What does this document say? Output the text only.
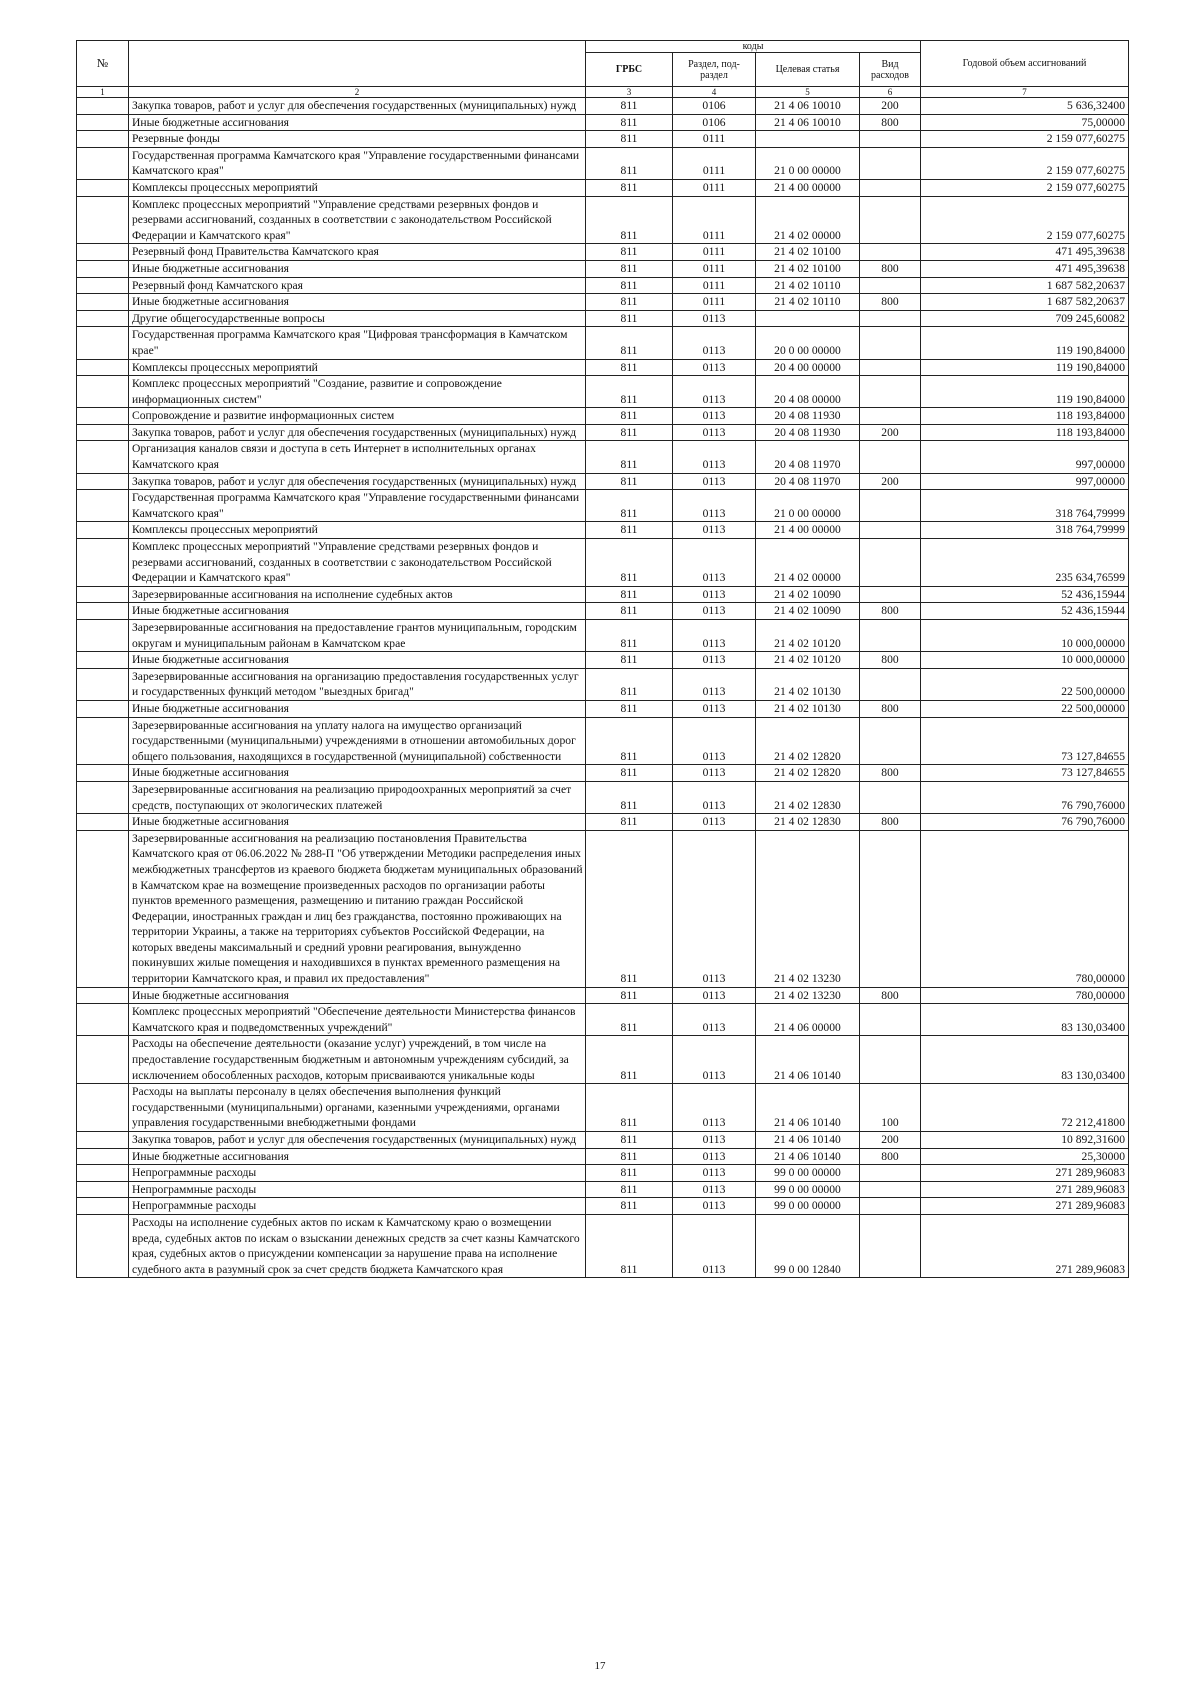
№		коды				Годовой объем ассигнований
		ГРБС	Раздел, под-раздел	Целевая статья	Вид расходов	
1	2	3	4	5	6	7
	Закупка товаров, работ и услуг для обеспечения государственных (муниципальных) нужд	811	0106	21 4 06 10010	200	5 636,32400
	Иные бюджетные ассигнования	811	0106	21 4 06 10010	800	75,00000
	Резервные фонды	811	0111			2 159 077,60275
	Государственная программа Камчатского края "Управление государственными финансами Камчатского края"	811	0111	21 0 00 00000		2 159 077,60275
	Комплексы процессных мероприятий	811	0111	21 4 00 00000		2 159 077,60275
	Комплекс процессных мероприятий "Управление средствами резервных фондов и резервами ассигнований, созданных в соответствии с законодательством Российской Федерации и Камчатского края"	811	0111	21 4 02 00000		2 159 077,60275
	Резервный фонд Правительства Камчатского края	811	0111	21 4 02 10100		471 495,39638
	Иные бюджетные ассигнования	811	0111	21 4 02 10100	800	471 495,39638
	Резервный фонд Камчатского края	811	0111	21 4 02 10110		1 687 582,20637
	Иные бюджетные ассигнования	811	0111	21 4 02 10110	800	1 687 582,20637
	Другие общегосударственные вопросы	811	0113			709 245,60082
	Государственная программа Камчатского края "Цифровая трансформация в Камчатском крае"	811	0113	20 0 00 00000		119 190,84000
	Комплексы процессных мероприятий	811	0113	20 4 00 00000		119 190,84000
	Комплекс процессных мероприятий "Создание, развитие и сопровождение информационных систем"	811	0113	20 4 08 00000		119 190,84000
	Сопровождение и развитие информационных систем	811	0113	20 4 08 11930		118 193,84000
	Закупка товаров, работ и услуг для обеспечения государственных (муниципальных) нужд	811	0113	20 4 08 11930	200	118 193,84000
	Организация каналов связи и доступа в сеть Интернет в исполнительных органах Камчатского края	811	0113	20 4 08 11970		997,00000
	Закупка товаров, работ и услуг для обеспечения государственных (муниципальных) нужд	811	0113	20 4 08 11970	200	997,00000
	Государственная программа Камчатского края "Управление государственными финансами Камчатского края"	811	0113	21 0 00 00000		318 764,79999
	Комплексы процессных мероприятий	811	0113	21 4 00 00000		318 764,79999
	Комплекс процессных мероприятий "Управление средствами резервных фондов и резервами ассигнований, созданных в соответствии с законодательством Российской Федерации и Камчатского края"	811	0113	21 4 02 00000		235 634,76599
	Зарезервированные ассигнования на исполнение судебных актов	811	0113	21 4 02 10090		52 436,15944
	Иные бюджетные ассигнования	811	0113	21 4 02 10090	800	52 436,15944
	Зарезервированные ассигнования на предоставление грантов муниципальным, городским округам и муниципальным районам в Камчатском крае	811	0113	21 4 02 10120		10 000,00000
	Иные бюджетные ассигнования	811	0113	21 4 02 10120	800	10 000,00000
	Зарезервированные ассигнования на организацию предоставления государственных услуг и государственных функций методом "выездных бригад"	811	0113	21 4 02 10130		22 500,00000
	Иные бюджетные ассигнования	811	0113	21 4 02 10130	800	22 500,00000
	Зарезервированные ассигнования на уплату налога на имущество организаций государственными (муниципальными) учреждениями в отношении автомобильных дорог общего пользования, находящихся в государственной (муниципальной) собственности	811	0113	21 4 02 12820		73 127,84655
	Иные бюджетные ассигнования	811	0113	21 4 02 12820	800	73 127,84655
	Зарезервированные ассигнования на реализацию природоохранных мероприятий за счет средств, поступающих от экологических платежей	811	0113	21 4 02 12830		76 790,76000
	Иные бюджетные ассигнования	811	0113	21 4 02 12830	800	76 790,76000
	Зарезервированные ассигнования на реализацию постановления Правительства Камчатского края от 06.06.2022 № 288-П "Об утверждении Методики распределения иных межбюджетных трансфертов из краевого бюджета бюджетам муниципальных образований в Камчатском крае на возмещение произведенных расходов по организации работы пунктов временного размещения, размещению и питанию граждан Российской Федерации, иностранных граждан и лиц без гражданства, постоянно проживающих на территории Украины, а также на территориях субъектов Российской Федерации, на которых введены максимальный и средний уровни реагирования, вынужденно покинувших жилые помещения и находившихся в пунктах временного размещения на территории Камчатского края, и правил их предоставления"	811	0113	21 4 02 13230		780,00000
	Иные бюджетные ассигнования	811	0113	21 4 02 13230	800	780,00000
	Комплекс процессных мероприятий "Обеспечение деятельности Министерства финансов Камчатского края и подведомственных учреждений"	811	0113	21 4 06 00000		83 130,03400
	Расходы на обеспечение деятельности (оказание услуг) учреждений, в том числе на предоставление государственным бюджетным и автономным учреждениям субсидий, за исключением обособленных расходов, которым присваиваются уникальные коды	811	0113	21 4 06 10140		83 130,03400
	Расходы на выплаты персоналу в целях обеспечения выполнения функций государственными (муниципальными) органами, казенными учреждениями, органами управления государственными внебюджетными фондами	811	0113	21 4 06 10140	100	72 212,41800
	Закупка товаров, работ и услуг для обеспечения государственных (муниципальных) нужд	811	0113	21 4 06 10140	200	10 892,31600
	Иные бюджетные ассигнования	811	0113	21 4 06 10140	800	25,30000
	Непрограммные расходы	811	0113	99 0 00 00000		271 289,96083
	Непрограммные расходы	811	0113	99 0 00 00000		271 289,96083
	Непрограммные расходы	811	0113	99 0 00 00000		271 289,96083
	Расходы на исполнение судебных актов по искам к Камчатскому краю о возмещении вреда, судебных актов по искам о взыскании денежных средств за счет казны Камчатского края, судебных актов о присуждении компенсации за нарушение права на исполнение судебного акта в разумный срок за счет средств бюджета Камчатского края	811	0113	99 0 00 12840		271 289,96083
17
